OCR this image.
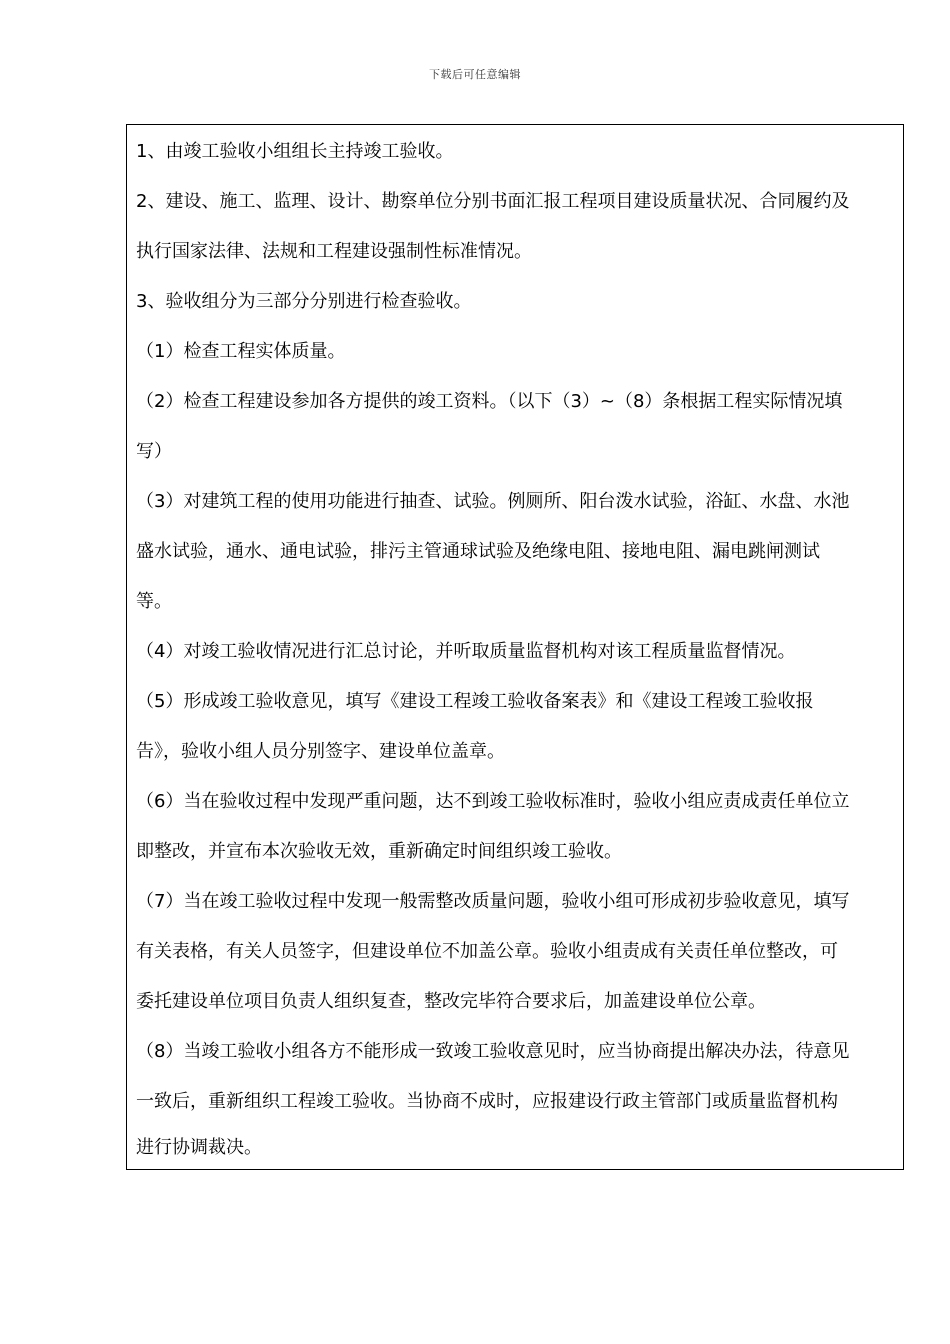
下载后可任意编辑

1、由竣工验收小组组长主持竣工验收。

2、建设、施工、监理、设计、勘察单位分别书面汇报工程项目建设质量状况、合同履约及

执行国家法律、法规和工程建设强制性标准情况。

3、验收组分为三部分分别进行检查验收。

（1）检查工程实体质量。

（2）检查工程建设参加各方提供的竣工资料。（以下（3）~（8）条根据工程实际情况填

写）

（3）对建筑工程的使用功能进行抽查、试验。例厕所、阳台泼水试验，浴缸、水盘、水池

盛水试验，通水、通电试验，排污主管通球试验及绝缘电阻、接地电阻、漏电跳闸测试

等。

（4）对竣工验收情况进行汇总讨论，并听取质量监督机构对该工程质量监督情况。

（5）形成竣工验收意见，填写《建设工程竣工验收备案表》和《建设工程竣工验收报

告》，验收小组人员分别签字、建设单位盖章。

（6）当在验收过程中发现严重问题，达不到竣工验收标准时，验收小组应责成责任单位立

即整改，并宣布本次验收无效，重新确定时间组织竣工验收。

（7）当在竣工验收过程中发现一般需整改质量问题，验收小组可形成初步验收意见，填写

有关表格，有关人员签字，但建设单位不加盖公章。验收小组责成有关责任单位整改，可

委托建设单位项目负责人组织复查，整改完毕符合要求后，加盖建设单位公章。

（8）当竣工验收小组各方不能形成一致竣工验收意见时，应当协商提出解决办法，待意见

一致后，重新组织工程竣工验收。当协商不成时，应报建设行政主管部门或质量监督机构

进行协调裁决。
